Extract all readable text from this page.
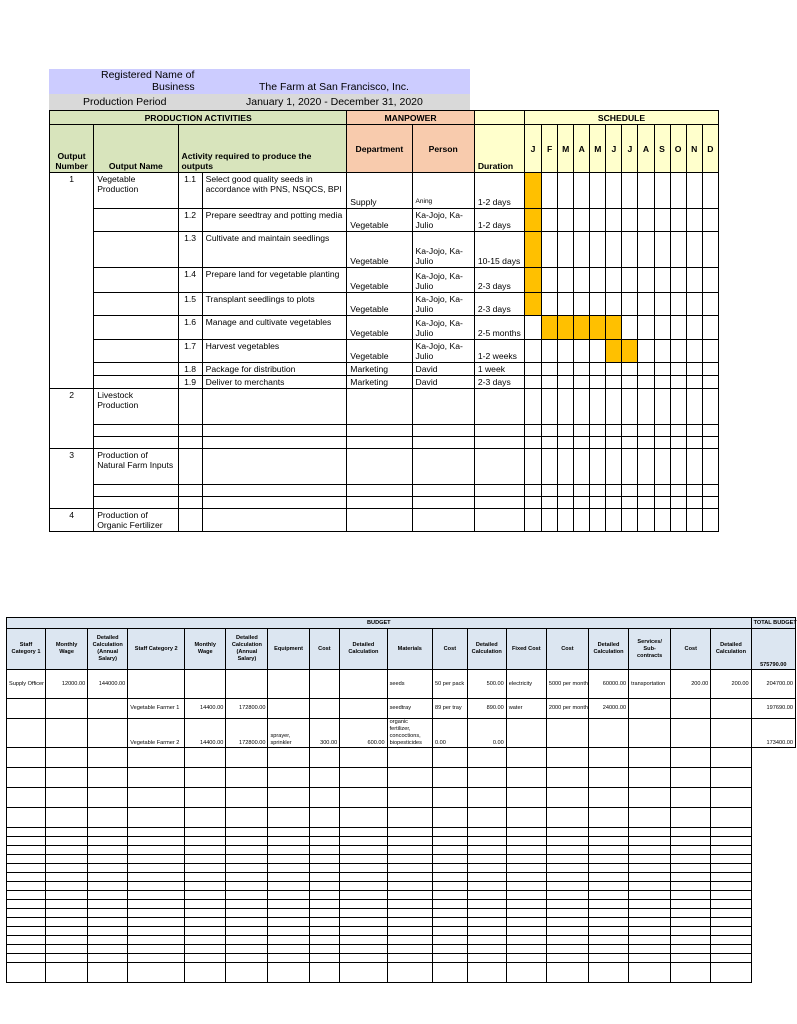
Registered Name of
Business	The Farm at San Francisco, Inc.
Production Period	January 1, 2020 - December 31, 2020
PRODUCTION ACTIVITIES				MANPOWER			SCHEDULE											
Output Number	Output Name	Activity required to produce the outputs		Department	Person	Duration	J	F	M	A	M	J	J	A	S	O	N	D
1	Vegetable Production	1.1	Select good quality seeds in accordance with PNS, NSQCS, BPI	Supply	Aning	1-2 days												
		1.2	Prepare seedtray and potting media	Vegetable	Ka-Jojo, Ka-Julio	1-2 days												
		1.3	Cultivate and maintain seedlings	Vegetable	Ka-Jojo, Ka-Julio	10-15 days												
		1.4	Prepare land for vegetable planting	Vegetable	Ka-Jojo, Ka-Julio	2-3 days												
		1.5	Transplant seedlings to plots	Vegetable	Ka-Jojo, Ka-Julio	2-3 days												
		1.6	Manage and cultivate vegetables	Vegetable	Ka-Jojo, Ka-Julio	2-5 months												
		1.7	Harvest vegetables	Vegetable	Ka-Jojo, Ka-Julio	1-2 weeks												
		1.8	Package for distribution	Marketing	David	1 week												
		1.9	Deliver to merchants	Marketing	David	2-3 days												
2	Livestock Production																	

3	Production of Natural Farm Inputs																	

4	Production of Organic Fertilizer																	
BUDGET																		TOTAL BUDGET
Staff Category 1	Monthly Wage	Detailed Calculation (Annual Salary)	Staff Category 2	Monthly Wage	Detailed Calculation (Annual Salary)	Equipment	Cost	Detailed Calculation	Materials	Cost	Detailed Calculation	Fixed Cost	Cost	Detailed Calculation	Services/ Sub-contracts	Cost	Detailed Calculation	575790.00
Supply Officer	12000.00	144000.00							seeds	50 per pack	500.00	electricity	5000 per month	60000.00	transportation	200.00	200.00	204700.00
			Vegetable Farmer 1	14400.00	172800.00				seedtray	89 per tray	890.00	water	2000 per month	24000.00				197690.00
			Vegetable Farmer 2	14400.00	172800.00	sprayer, sprinkler	300.00	600.00	organic fertilizer, concoctions, biopesticides	0.00	0.00							173400.00
